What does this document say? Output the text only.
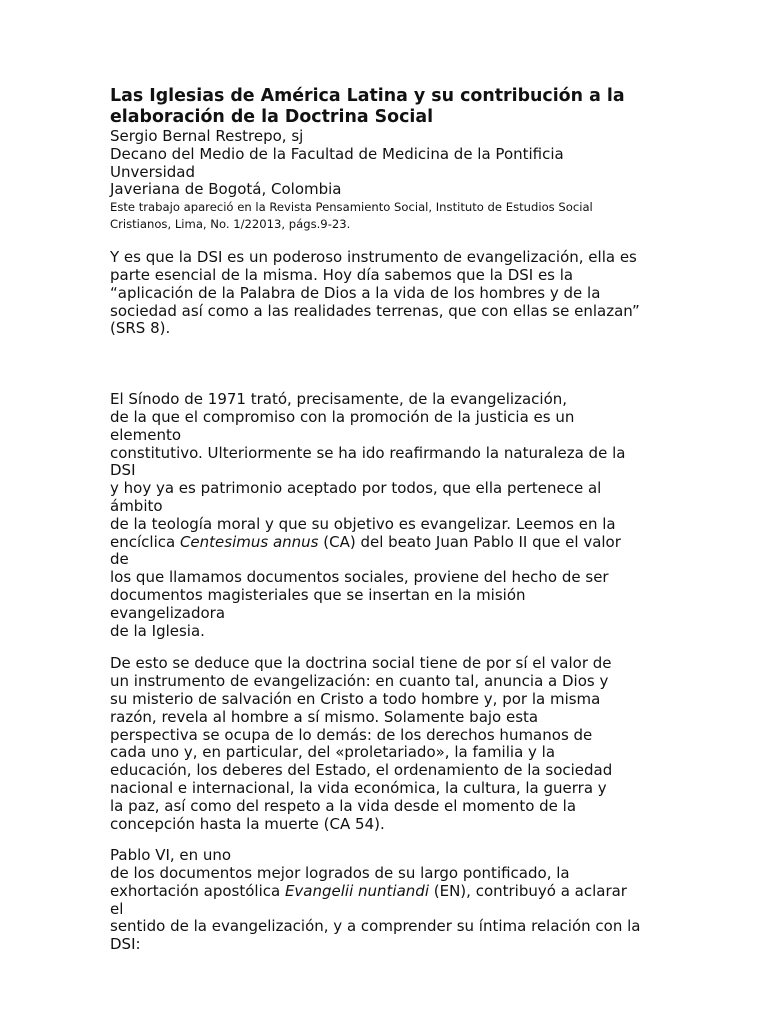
Las Iglesias de América Latina y su contribución a la

elaboración de la Doctrina Social

Sergio Bernal Restrepo, sj

Decano del Medio de la Facultad de Medicina de la Pontificia

Unversidad

Javeriana de Bogotá, Colombia

Este trabajo apareció en la Revista Pensamiento Social, Instituto de Estudios Social

Cristianos, Lima, No. 1/22013, págs.9-23.

Y es que la DSI es un poderoso instrumento de evangelización, ella es

parte esencial de la misma. Hoy día sabemos que la DSI es la

“aplicación de la Palabra de Dios a la vida de los hombres y de la

sociedad así como a las realidades terrenas, que con ellas se enlazan”

(SRS 8).

El Sínodo de 1971 trató, precisamente, de la evangelización,

de la que el compromiso con la promoción de la justicia es un

elemento

constitutivo. Ulteriormente se ha ido reafirmando la naturaleza de la

DSI

y hoy ya es patrimonio aceptado por todos, que ella pertenece al

ámbito

de la teología moral y que su objetivo es evangelizar. Leemos en la

encíclica Centesimus annus (CA) del beato Juan Pablo II que el valor

de

los que llamamos documentos sociales, proviene del hecho de ser

documentos magisteriales que se insertan en la misión

evangelizadora

de la Iglesia.

De esto se deduce que la doctrina social tiene de por sí el valor de

un instrumento de evangelización: en cuanto tal, anuncia a Dios y

su misterio de salvación en Cristo a todo hombre y, por la misma

razón, revela al hombre a sí mismo. Solamente bajo esta

perspectiva se ocupa de lo demás: de los derechos humanos de

cada uno y, en particular, del «proletariado», la familia y la

educación, los deberes del Estado, el ordenamiento de la sociedad

nacional e internacional, la vida económica, la cultura, la guerra y

la paz, así como del respeto a la vida desde el momento de la

concepción hasta la muerte (CA 54).

Pablo VI, en uno

de los documentos mejor logrados de su largo pontificado, la

exhortación apostólica Evangelii nuntiandi (EN), contribuyó a aclarar

el

sentido de la evangelización, y a comprender su íntima relación con la

DSI:
